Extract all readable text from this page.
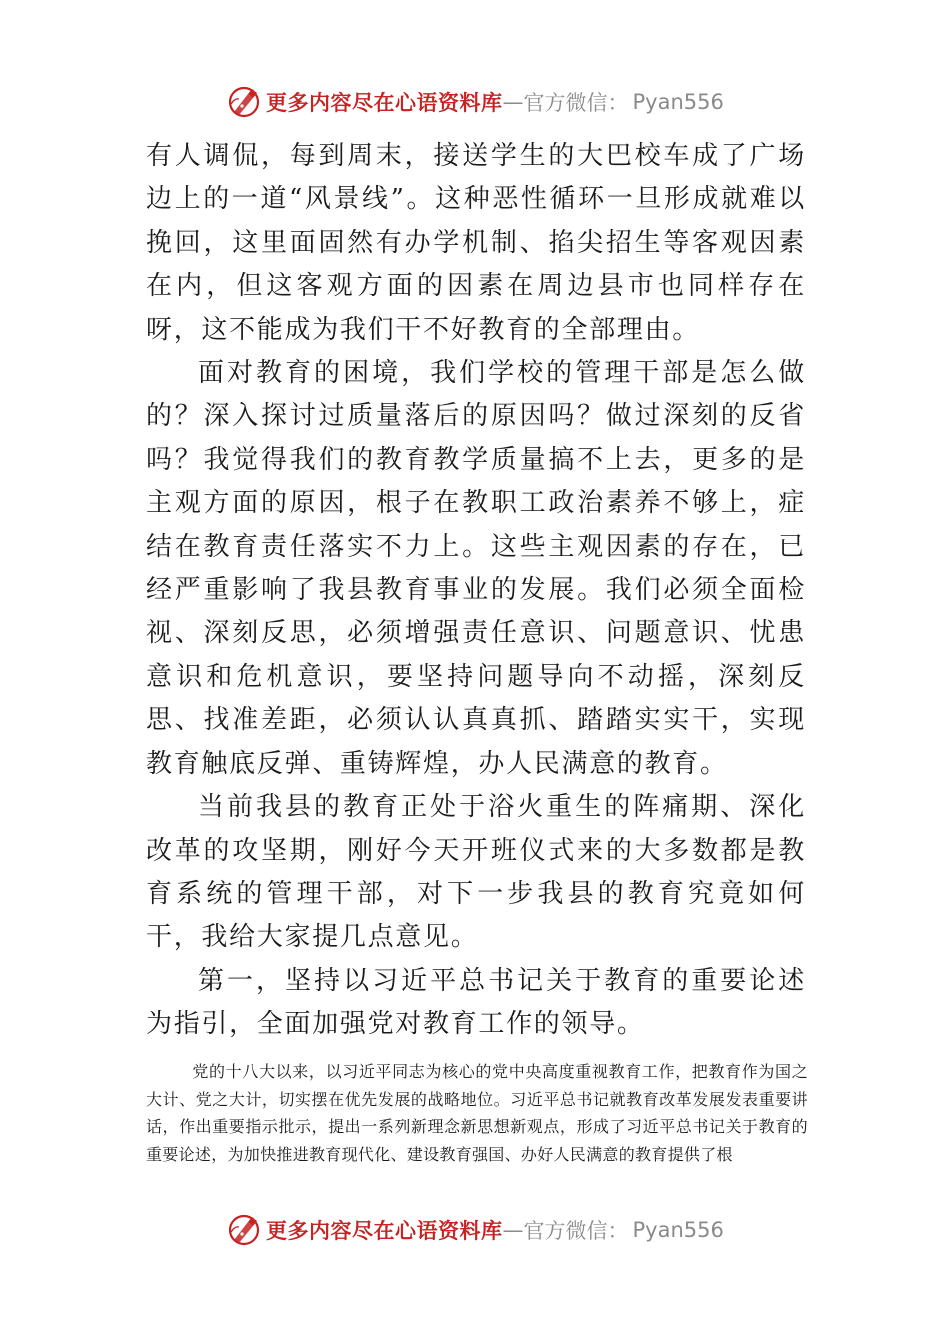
更多内容尽在心语资料库 — 官方微信： Pyan556

有人调侃，每到周末，接送学生的大巴校车成了广场边上的一道“风景线”。这种恶性循环一旦形成就难以挽回，这里面固然有办学机制、掐尖招生等客观因素在内，但这客观方面的因素在周边县市也同样存在呀，这不能成为我们干不好教育的全部理由。

面对教育的困境，我们学校的管理干部是怎么做的？深入探讨过质量落后的原因吗？做过深刻的反省吗？我觉得我们的教育教学质量搞不上去，更多的是主观方面的原因，根子在教职工政治素养不够上，症结在教育责任落实不力上。这些主观因素的存在，已经严重影响了我县教育事业的发展。我们必须全面检视、深刻反思，必须增强责任意识、问题意识、忧患意识和危机意识，要坚持问题导向不动摇，深刻反思、找准差距，必须认认真真抓、踏踏实实干，实现教育触底反弹、重铸辉煌，办人民满意的教育。

当前我县的教育正处于浴火重生的阵痛期、深化改革的攻坚期，刚好今天开班仪式来的大多数都是教育系统的管理干部，对下一步我县的教育究竟如何干，我给大家提几点意见。

第一，坚持以习近平总书记关于教育的重要论述为指引，全面加强党对教育工作的领导。

党的十八大以来，以习近平同志为核心的党中央高度重视教育工作，把教育作为国之大计、党之大计，切实摆在优先发展的战略地位。习近平总书记就教育改革发展发表重要讲话，作出重要指示批示，提出一系列新理念新思想新观点，形成了习近平总书记关于教育的重要论述，为加快推进教育现代化、建设教育强国、办好人民满意的教育提供了根
更多内容尽在心语资料库 — 官方微信： Pyan556
